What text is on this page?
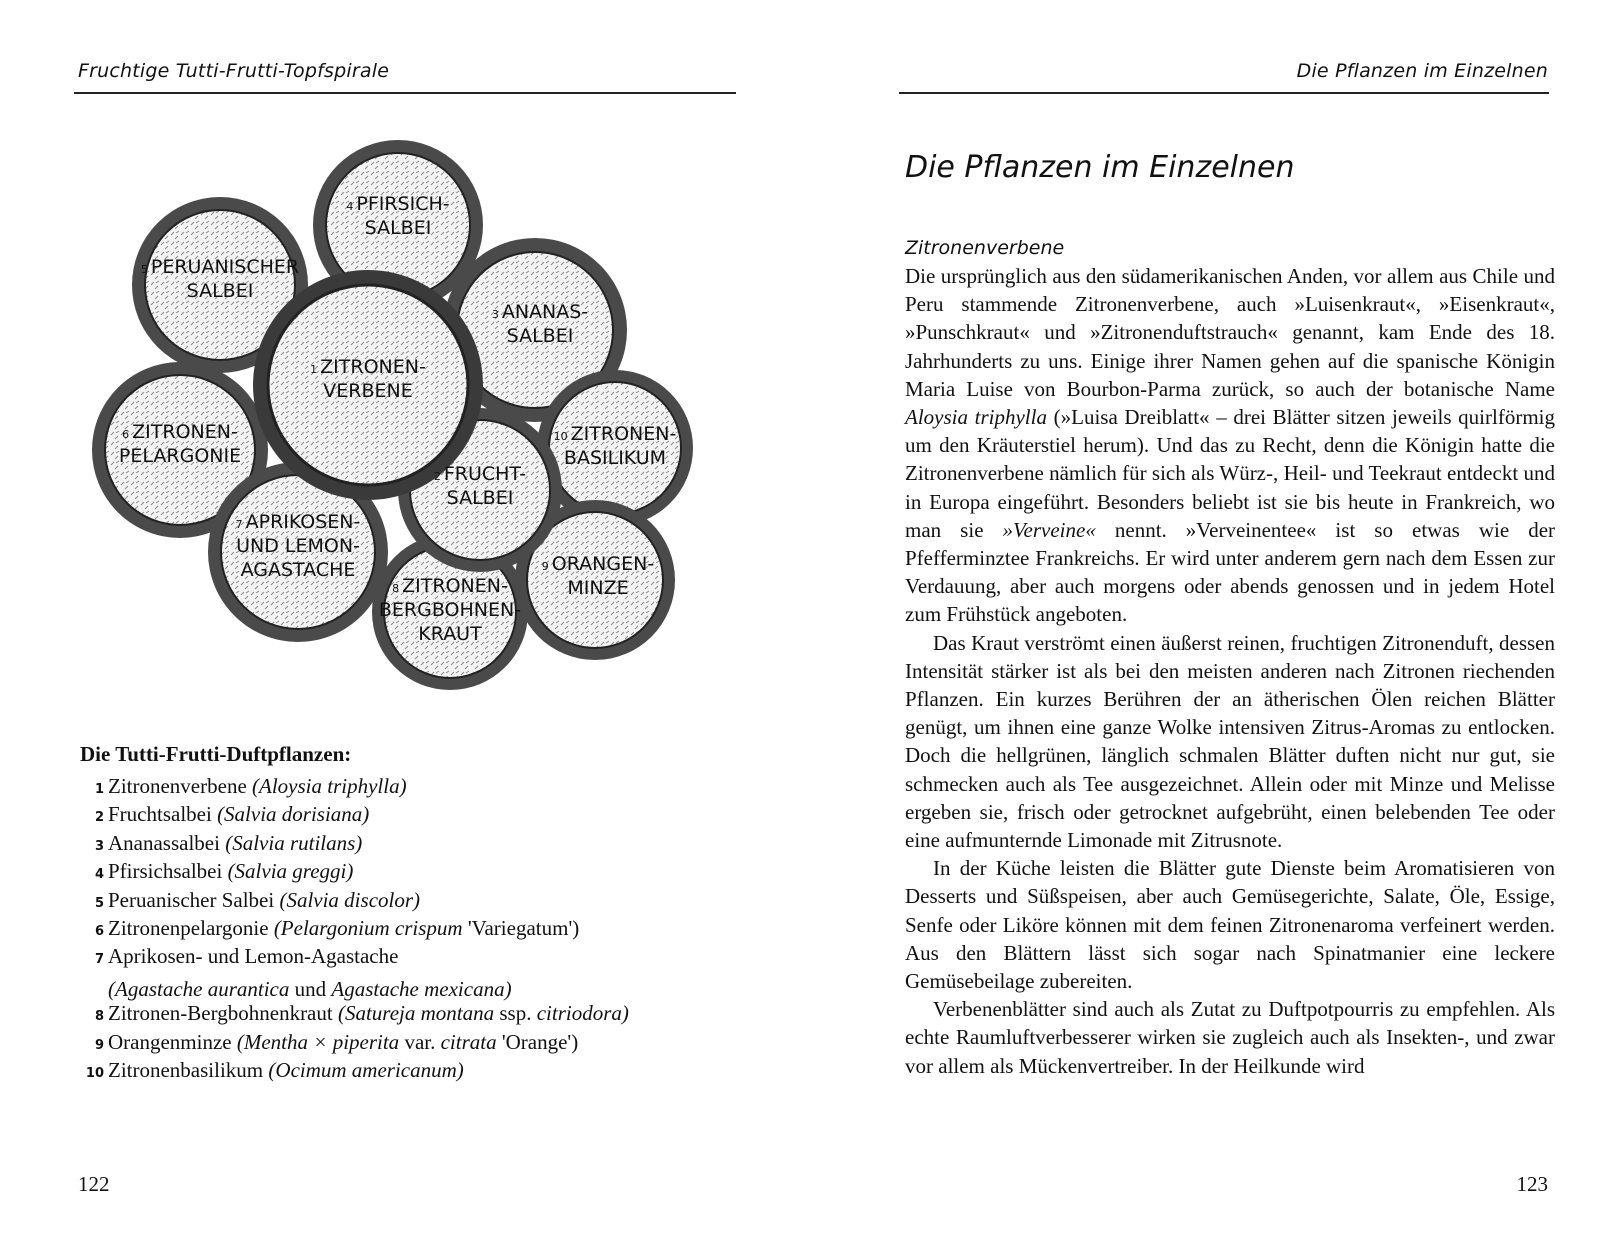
Fruchtige Tutti-Frutti-Topfspirale
4 PFIRSICH-SALBEI
5 PERUANISCHER SALBEI
3 ANANAS-SALBEI
1 ZITRONEN-VERBENE
6 ZITRONEN-PELARGONIE
10 ZITRONEN-BASILIKUM
2 FRUCHT-SALBEI
7 APRIKOSEN-UND LEMON-AGASTACHE	9 ORANGEN-MINZE
8 ZITRONEN-BERGBOHNEN-KRAUT
Die Tutti-Frutti-Duftpflanzen:
1 Zitronenverbene (Aloysia triphylla)
2 Fruchtsalbei (Salvia dorisiana)
3 Ananassalbei (Salvia rutilans)
4 Pfirsichsalbei (Salvia greggi)
5 Peruanischer Salbei (Salvia discolor)
6 Zitronenpelargonie (Pelargonium crispum 'Variegatum')
7 Aprikosen- und Lemon-Agastache
(Agastache aurantica und Agastache mexicana)
8 Zitronen-Bergbohnenkraut (Satureja montana ssp. citriodora)
9 Orangenminze (Mentha × piperita var. citrata 'Orange')
10 Zitronenbasilikum (Ocimum americanum)
122
Die Pflanzen im Einzelnen
Die Pflanzen im Einzelnen
Zitronenverbene

Die ursprünglich aus den südamerikanischen Anden, vor allem aus Chile und Peru stammende Zitronenverbene, auch »Luisenkraut«, »Eisenkraut«, »Punschkraut« und »Zitronenduftstrauch« genannt, kam Ende des 18. Jahrhunderts zu uns. Einige ihrer Namen gehen auf die spanische Königin Maria Luise von Bourbon-Parma zurück, so auch der botanische Name Aloysia triphylla (»Luisa Dreiblatt« – drei Blätter sitzen jeweils quirlförmig um den Kräuterstiel herum). Und das zu Recht, denn die Königin hatte die Zitronenverbene nämlich für sich als Würz-, Heil- und Teekraut entdeckt und in Europa eingeführt. Besonders beliebt ist sie bis heute in Frankreich, wo man sie »Verveine« nennt. »Verveinentee« ist so etwas wie der Pfefferminztee Frankreichs. Er wird unter anderem gern nach dem Essen zur Verdauung, aber auch morgens oder abends genossen und in jedem Hotel zum Frühstück angeboten.

Das Kraut verströmt einen äußerst reinen, fruchtigen Zitronenduft, dessen Intensität stärker ist als bei den meisten anderen nach Zitronen riechenden Pflanzen. Ein kurzes Berühren der an ätherischen Ölen reichen Blätter genügt, um ihnen eine ganze Wolke intensiven Zitrus-Aromas zu entlocken. Doch die hellgrünen, länglich schmalen Blätter duften nicht nur gut, sie schmecken auch als Tee ausgezeichnet. Allein oder mit Minze und Melisse ergeben sie, frisch oder getrocknet aufgebrüht, einen belebenden Tee oder eine aufmunternde Limonade mit Zitrusnote.

In der Küche leisten die Blätter gute Dienste beim Aromatisieren von Desserts und Süßspeisen, aber auch Gemüsegerichte, Salate, Öle, Essige, Senfe oder Liköre können mit dem feinen Zitronenaroma verfeinert werden. Aus den Blättern lässt sich sogar nach Spinatmanier eine leckere Gemüsebeilage zubereiten.

Verbenenblätter sind auch als Zutat zu Duftpotpourris zu empfehlen. Als echte Raumluftverbesserer wirken sie zugleich auch als Insekten-, und zwar vor allem als Mückenvertreiber. In der Heilkunde wird

123
